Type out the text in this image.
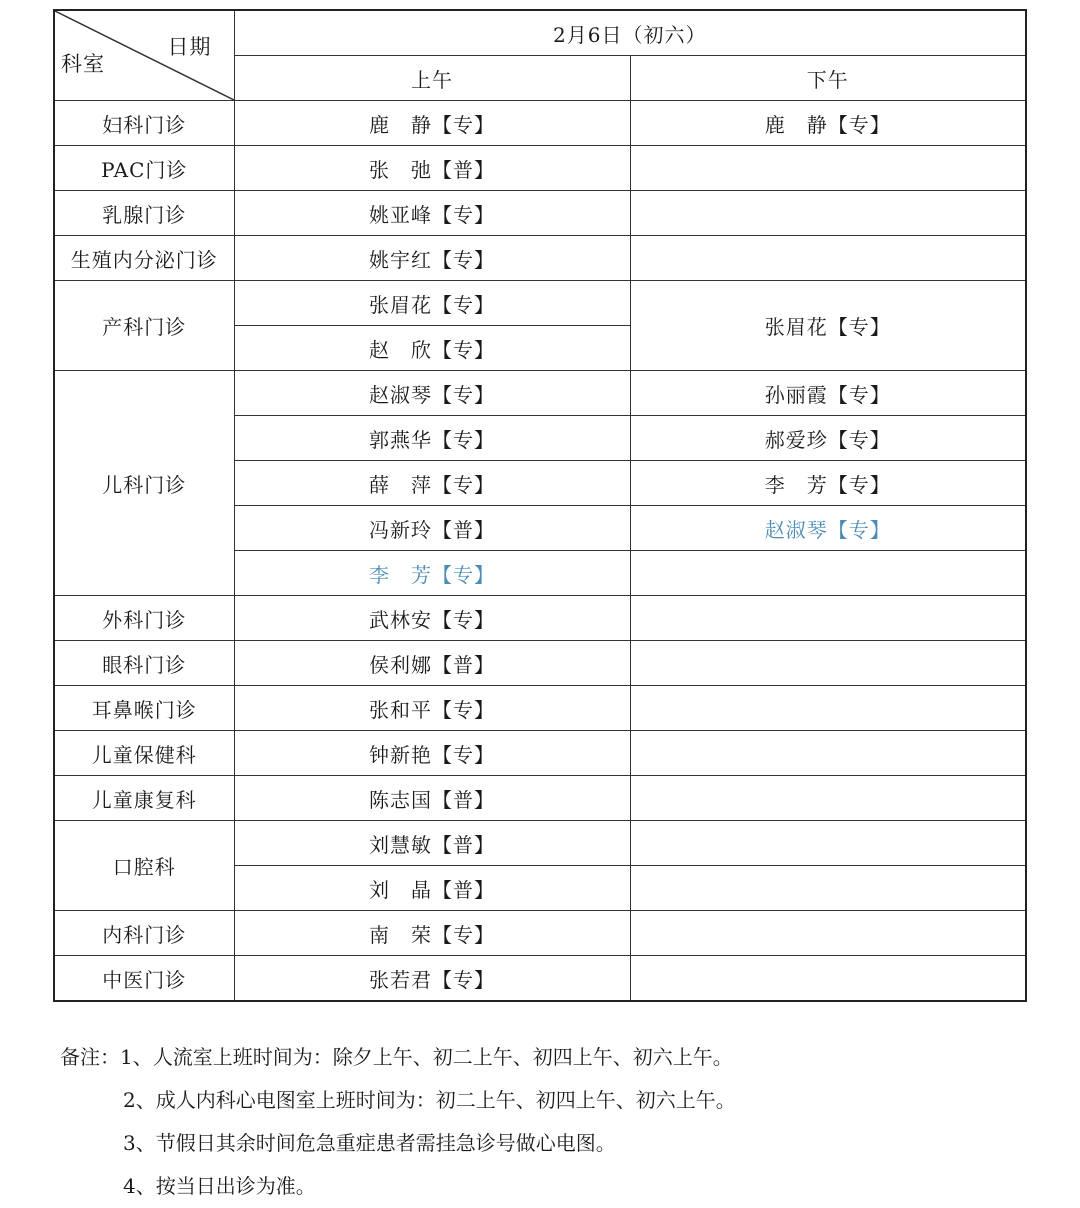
日期
科室	2月6日（初六）	
	上午	下午
妇科门诊	鹿　静【专】	鹿　静【专】
PAC门诊	张　弛【普】	
乳腺门诊	姚亚峰【专】	
生殖内分泌门诊	姚宇红【专】	
产科门诊	张眉花【专】	张眉花【专】
	赵　欣【专】	
儿科门诊	赵淑琴【专】	孙丽霞【专】
	郭燕华【专】	郝爱珍【专】
	薛　萍【专】	李　芳【专】
	冯新玲【普】	赵淑琴【专】
	李　芳【专】	
外科门诊	武林安【专】	
眼科门诊	侯利娜【普】	
耳鼻喉门诊	张和平【专】	
儿童保健科	钟新艳【专】	
儿童康复科	陈志国【普】	
口腔科	刘慧敏【普】	
	刘　晶【普】	
内科门诊	南　荣【专】	
中医门诊	张若君【专】	
备注：1、人流室上班时间为：除夕上午、初二上午、初四上午、初六上午。
2、成人内科心电图室上班时间为：初二上午、初四上午、初六上午。
3、节假日其余时间危急重症患者需挂急诊号做心电图。
4、按当日出诊为准。
